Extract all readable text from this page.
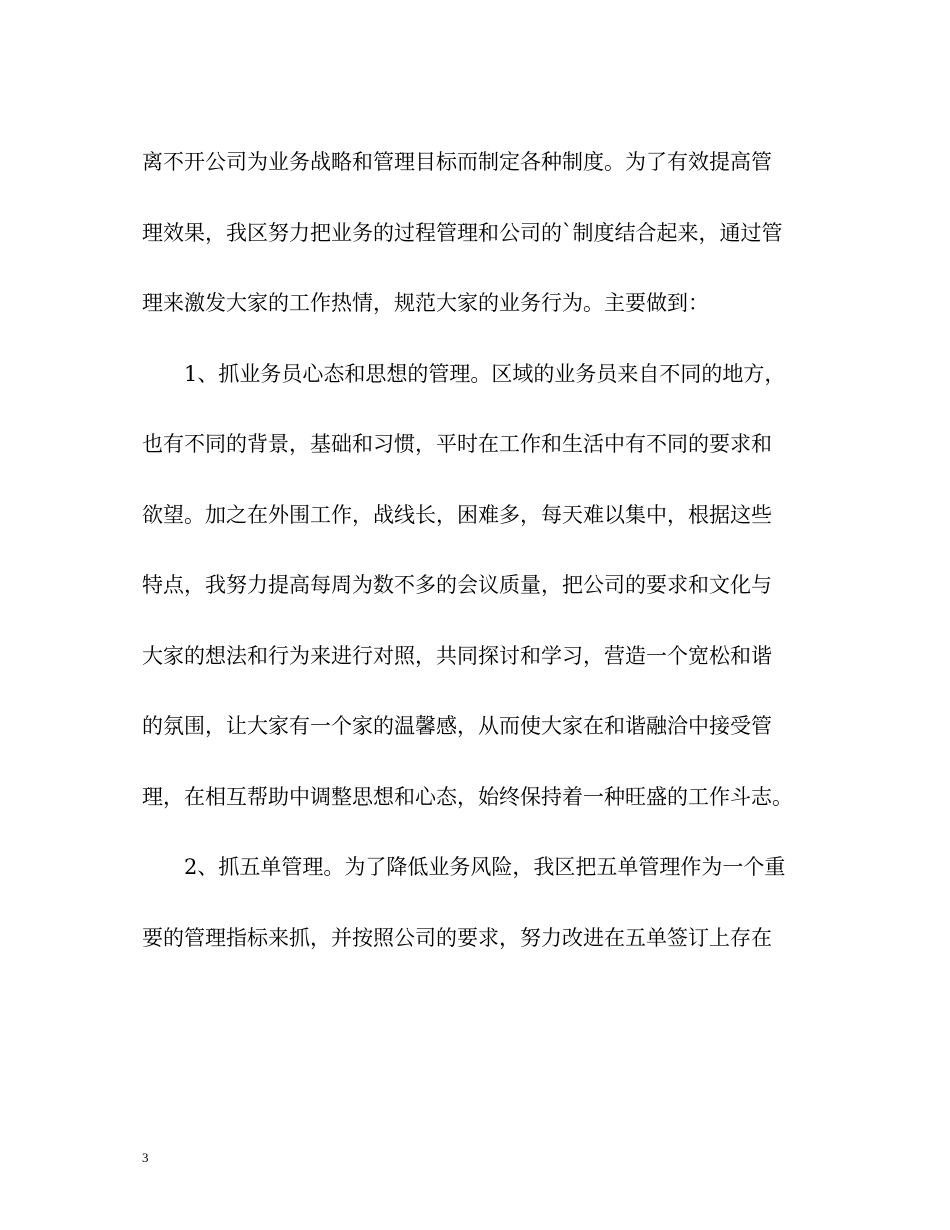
离不开公司为业务战略和管理目标而制定各种制度。为了有效提高管
理效果，我区努力把业务的过程管理和公司的`制度结合起来，通过管
理来激发大家的工作热情，规范大家的业务行为。主要做到：
1、抓业务员心态和思想的管理。区域的业务员来自不同的地方，
也有不同的背景，基础和习惯，平时在工作和生活中有不同的要求和
欲望。加之在外围工作，战线长，困难多，每天难以集中，根据这些
特点，我努力提高每周为数不多的会议质量，把公司的要求和文化与
大家的想法和行为来进行对照，共同探讨和学习，营造一个宽松和谐
的氛围，让大家有一个家的温馨感，从而使大家在和谐融洽中接受管
理，在相互帮助中调整思想和心态，始终保持着一种旺盛的工作斗志。
2、抓五单管理。为了降低业务风险，我区把五单管理作为一个重
要的管理指标来抓，并按照公司的要求，努力改进在五单签订上存在
3
